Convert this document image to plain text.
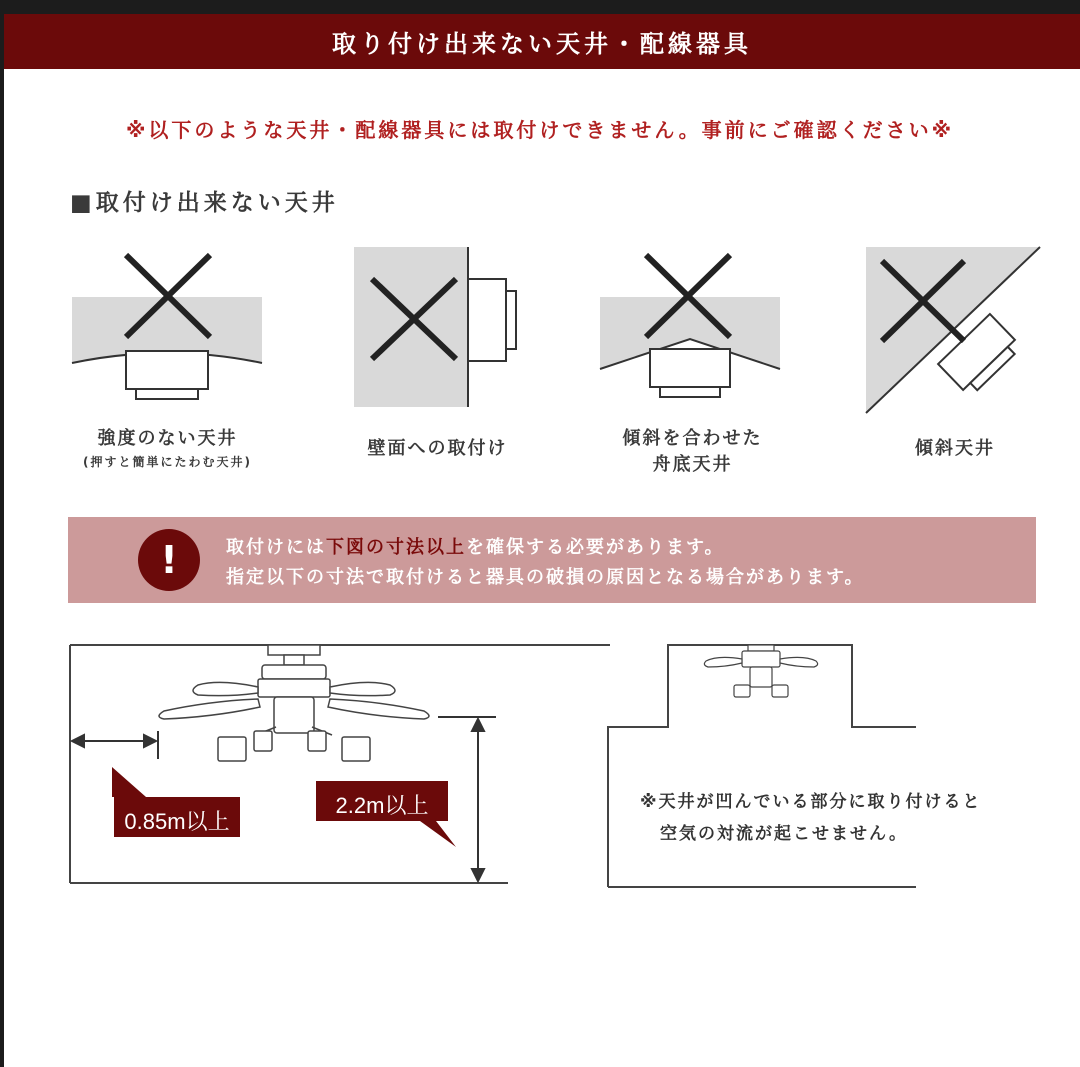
取り付け出来ない天井・配線器具
※以下のような天井・配線器具には取付けできません。事前にご確認ください※
■取付け出来ない天井
強度のない天井
(押すと簡単にたわむ天井)
壁面への取付け	傾斜を合わせた
舟底天井
傾斜天井
!	取付けには下図の寸法以上を確保する必要があります。
指定以下の寸法で取付けると器具の破損の原因となる場合があります。
0.85m以上
2.2m以上	※天井が凹んでいる部分に取り付けると
空気の対流が起こせません。
